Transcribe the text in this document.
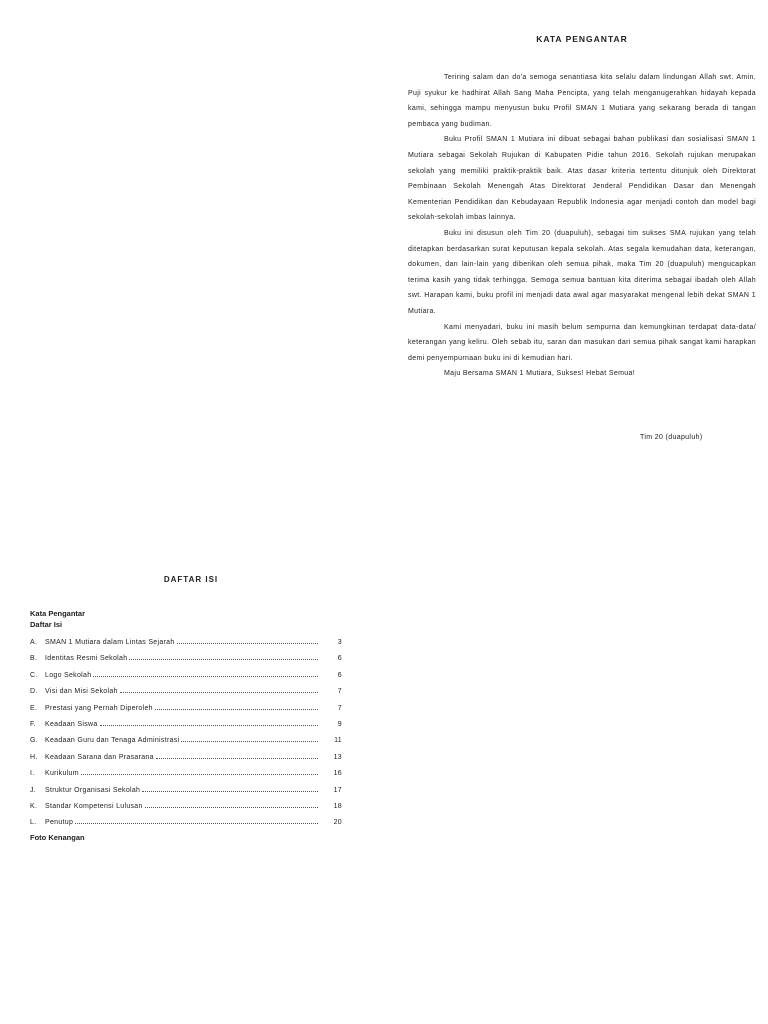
KATA PENGANTAR

Teriring salam dan do'a semoga senantiasa kita selalu dalam lindungan Allah swt. Amin. Puji syukur ke hadhirat Allah Sang Maha Pencipta, yang telah menganugerahkan hidayah kepada kami, sehingga mampu menyusun buku Profil SMAN 1 Mutiara yang sekarang berada di tangan pembaca yang budiman.

Buku Profil SMAN 1 Mutiara ini dibuat sebagai bahan publikasi dan sosialisasi SMAN 1 Mutiara sebagai Sekolah Rujukan di Kabupaten Pidie tahun 2016. Sekolah rujukan merupakan sekolah yang memiliki praktik-praktik baik. Atas dasar kriteria tertentu ditunjuk oleh Direktorat Pembinaan Sekolah Menengah Atas Direktorat Jenderal Pendidikan Dasar dan Menengah Kementerian Pendidikan dan Kebudayaan Republik Indonesia agar menjadi contoh dan model bagi sekolah-sekolah imbas lainnya.

Buku ini disusun oleh Tim 20 (duapuluh), sebagai tim sukses SMA rujukan yang telah ditetapkan berdasarkan surat keputusan kepala sekolah. Atas segala kemudahan data, keterangan, dokumen, dan lain-lain yang diberikan oleh semua pihak, maka Tim 20 (duapuluh) mengucapkan terima kasih yang tidak terhingga. Semoga semua bantuan kita diterima sebagai ibadah oleh Allah swt. Harapan kami, buku profil ini menjadi data awal agar masyarakat mengenal lebih dekat SMAN 1 Mutiara.

Kami menyadari, buku ini masih belum sempurna dan kemungkinan terdapat data-data/ keterangan yang keliru. Oleh sebab itu, saran dan masukan dari semua pihak sangat kami harapkan demi penyempurnaan buku ini di kemudian hari.

Maju Bersama SMAN 1 Mutiara, Sukses! Hebat Semua!

Tim 20 (duapuluh)
DAFTAR ISI
Kata Pengantar
Daftar Isi
A.	SMAN 1 Mutiara dalam Lintas Sejarah	3
B.	Identitas Resmi Sekolah	6
C.	Logo Sekolah	6
D.	Visi dan Misi Sekolah	7
E.	Prestasi yang Pernah Diperoleh	7
F.	Keadaan Siswa	9
G.	Keadaan Guru dan Tenaga Administrasi	11
H.	Keadaan Sarana dan Prasarana	13
I.	Kurikulum	16
J.	Struktur Organisasi Sekolah	17
K.	Standar Kompetensi Lulusan	18
L.	Penutup	20
Foto Kenangan
